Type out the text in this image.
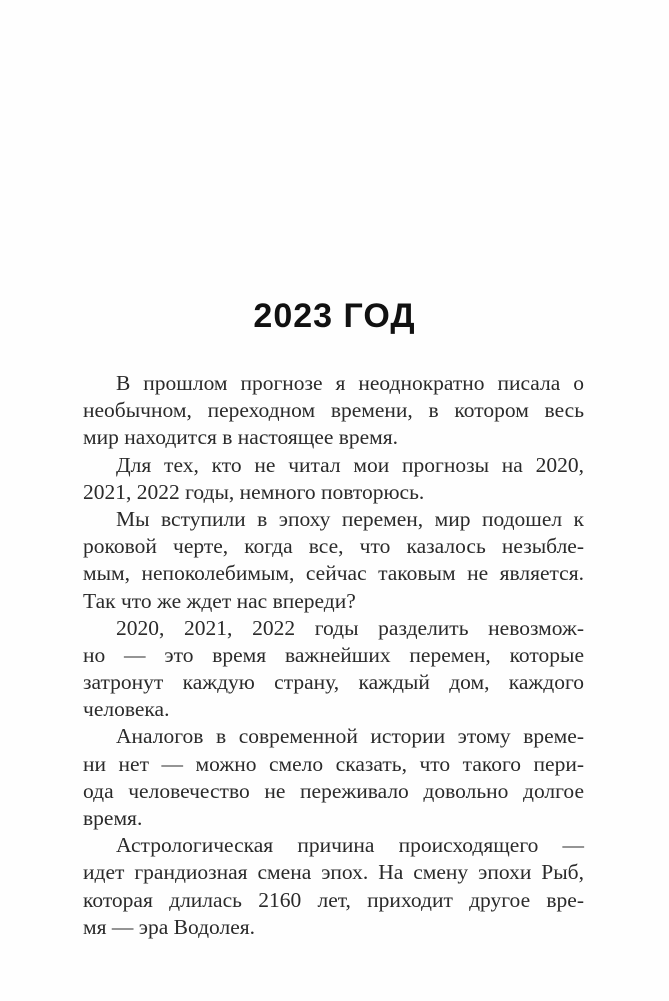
2023 ГОД

В прошлом прогнозе я неоднократно писала о
необычном, переходном времени, в котором весь
мир находится в настоящее время.

Для тех, кто не читал мои прогнозы на 2020,
2021, 2022 годы, немного повторюсь.

Мы вступили в эпоху перемен, мир подошел к
роковой черте, когда все, что казалось незыбле-
мым, непоколебимым, сейчас таковым не является.
Так что же ждет нас впереди?

2020, 2021, 2022 годы разделить невозмож-
но — это время важнейших перемен, которые
затронут каждую страну, каждый дом, каждого
человека.

Аналогов в современной истории этому време-
ни нет — можно смело сказать, что такого пери-
ода человечество не переживало довольно долгое
время.

Астрологическая причина происходящего —
идет грандиозная смена эпох. На смену эпохи Рыб,
которая длилась 2160 лет, приходит другое вре-
мя — эра Водолея.
